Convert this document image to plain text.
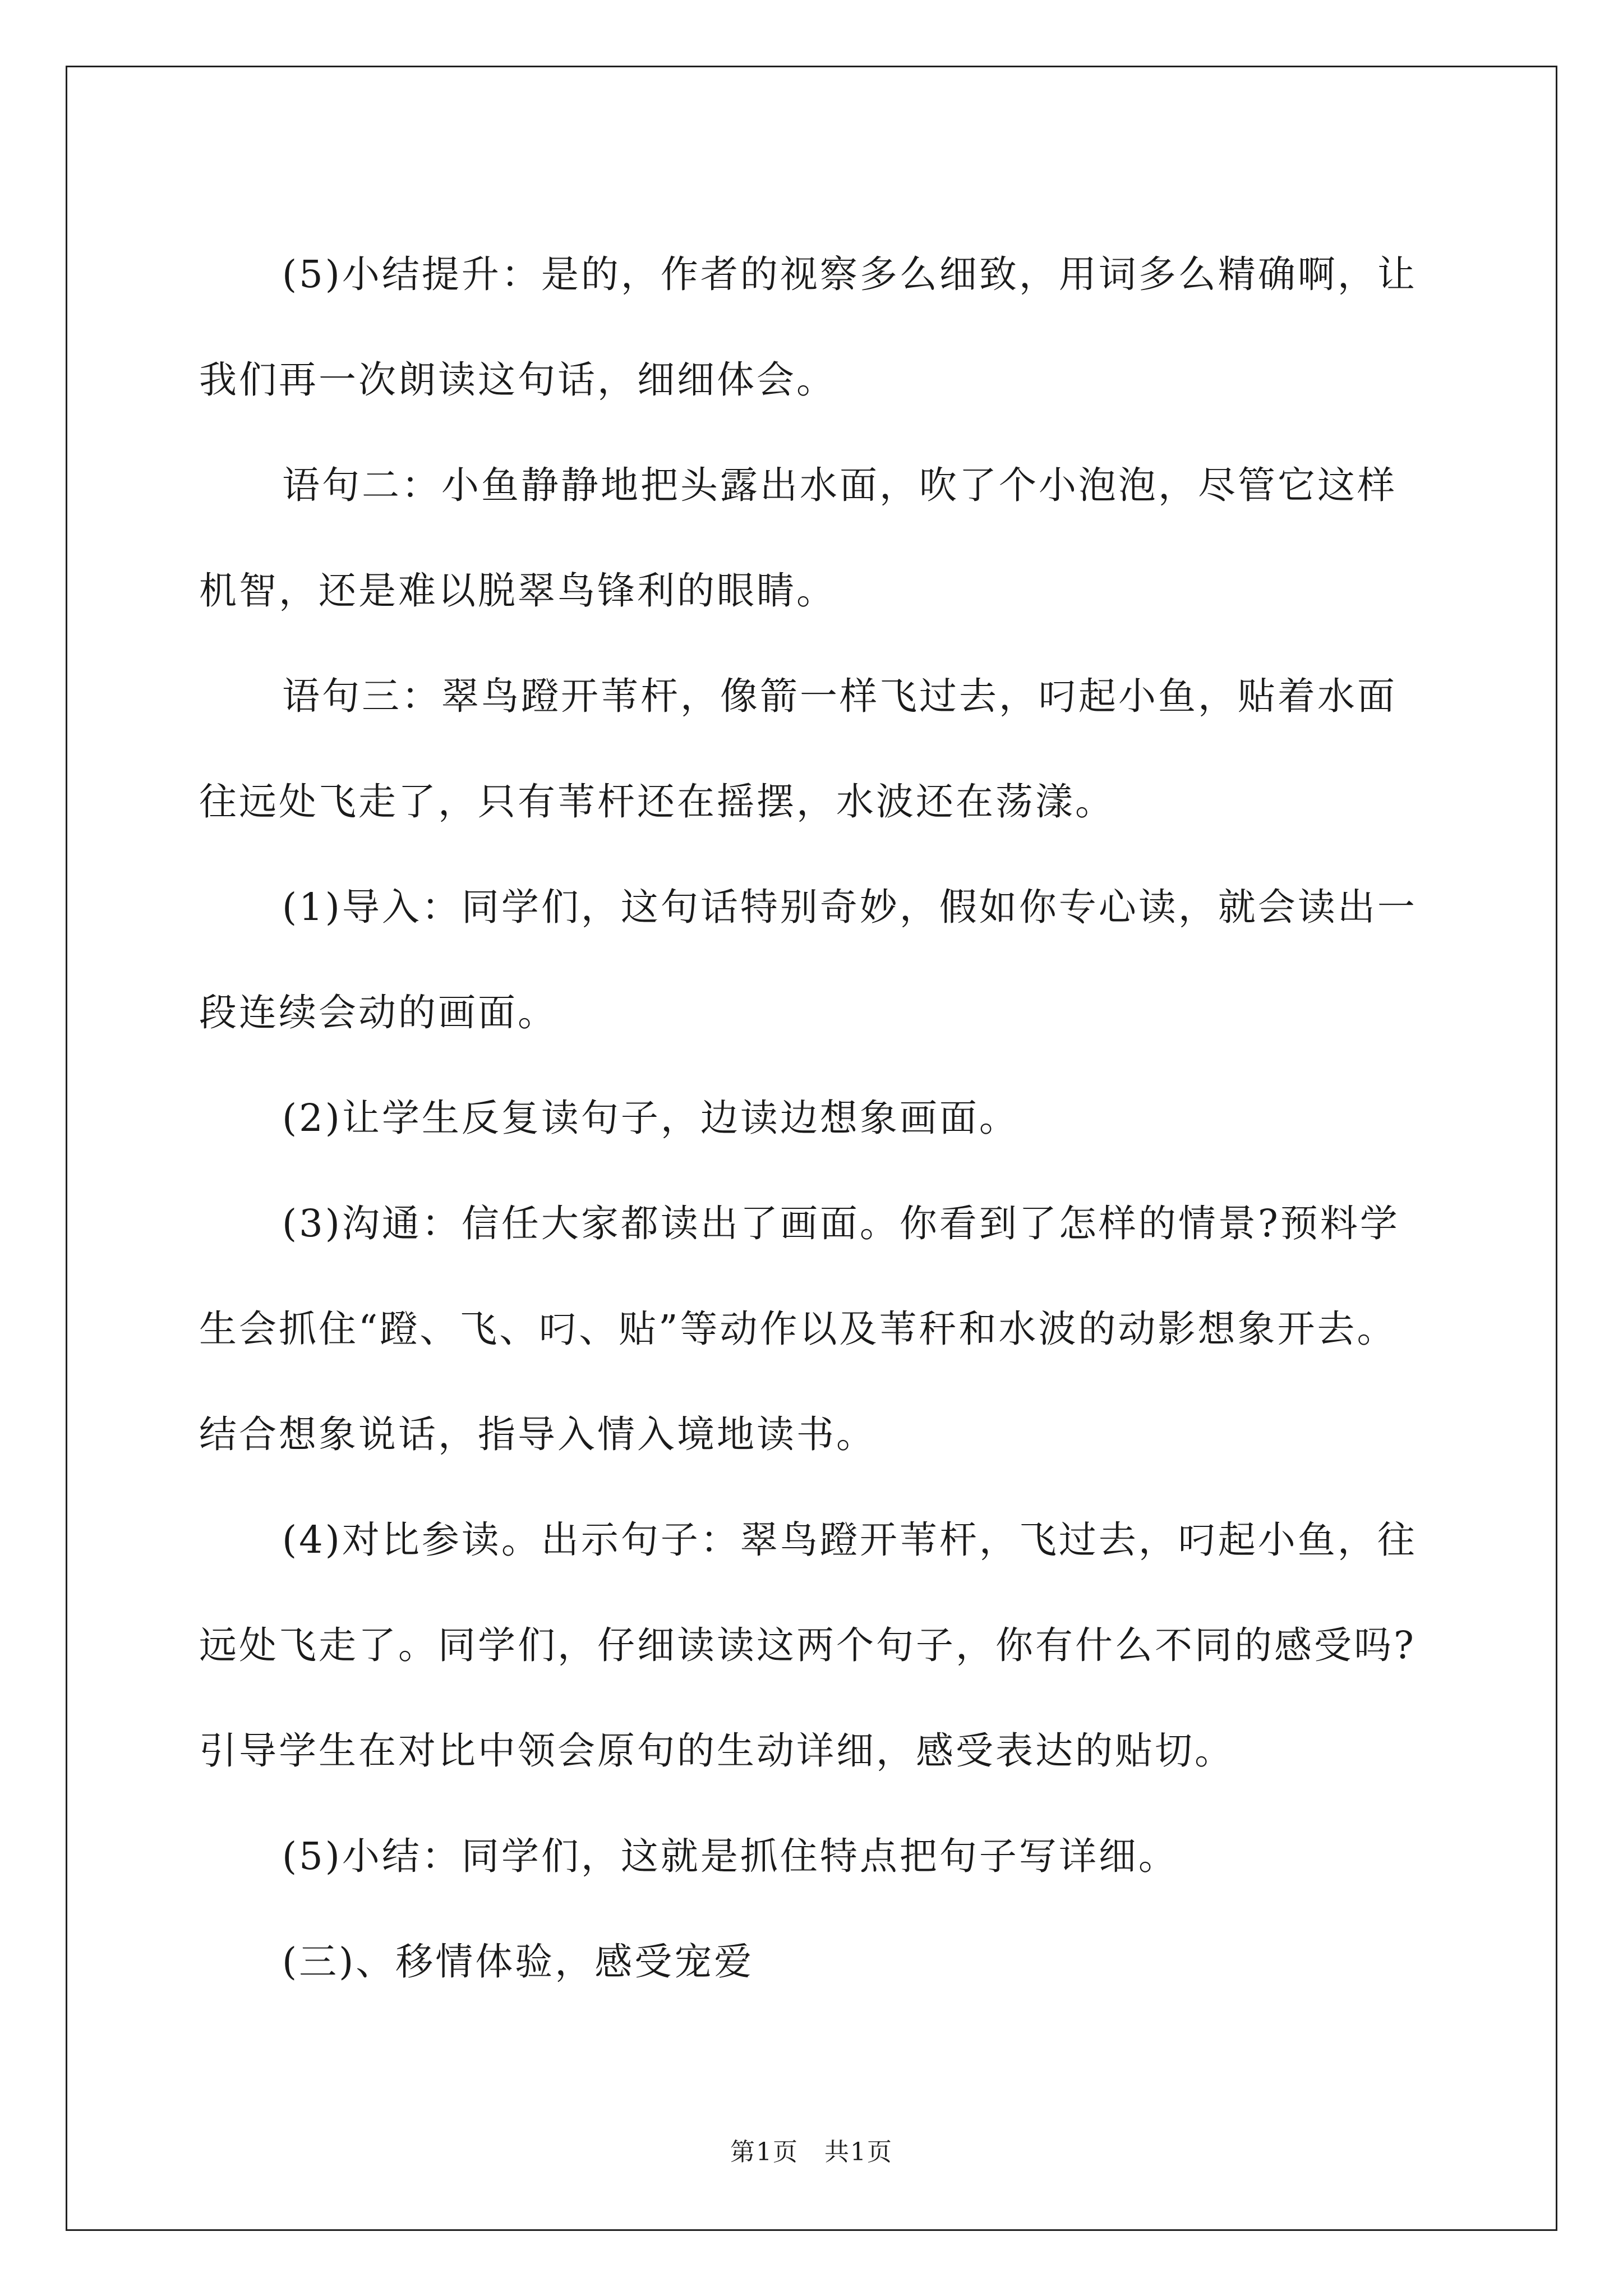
(5)小结提升：是的，作者的视察多么细致，用词多么精确啊，让我们再一次朗读这句话，细细体会。

语句二：小鱼静静地把头露出水面，吹了个小泡泡，尽管它这样机智，还是难以脱翠鸟锋利的眼睛。

语句三：翠鸟蹬开苇杆，像箭一样飞过去，叼起小鱼，贴着水面往远处飞走了，只有苇杆还在摇摆，水波还在荡漾。

(1)导入：同学们，这句话特别奇妙，假如你专心读，就会读出一段连续会动的画面。

(2)让学生反复读句子，边读边想象画面。

(3)沟通：信任大家都读出了画面。你看到了怎样的情景?预料学生会抓住“蹬、飞、叼、贴”等动作以及苇秆和水波的动影想象开去。结合想象说话，指导入情入境地读书。

(4)对比参读。出示句子：翠鸟蹬开苇杆，飞过去，叼起小鱼，往远处飞走了。同学们，仔细读读这两个句子，你有什么不同的感受吗?引导学生在对比中领会原句的生动详细，感受表达的贴切。

(5)小结：同学们，这就是抓住特点把句子写详细。

(三)、移情体验，感受宠爱

第1页　共1页
